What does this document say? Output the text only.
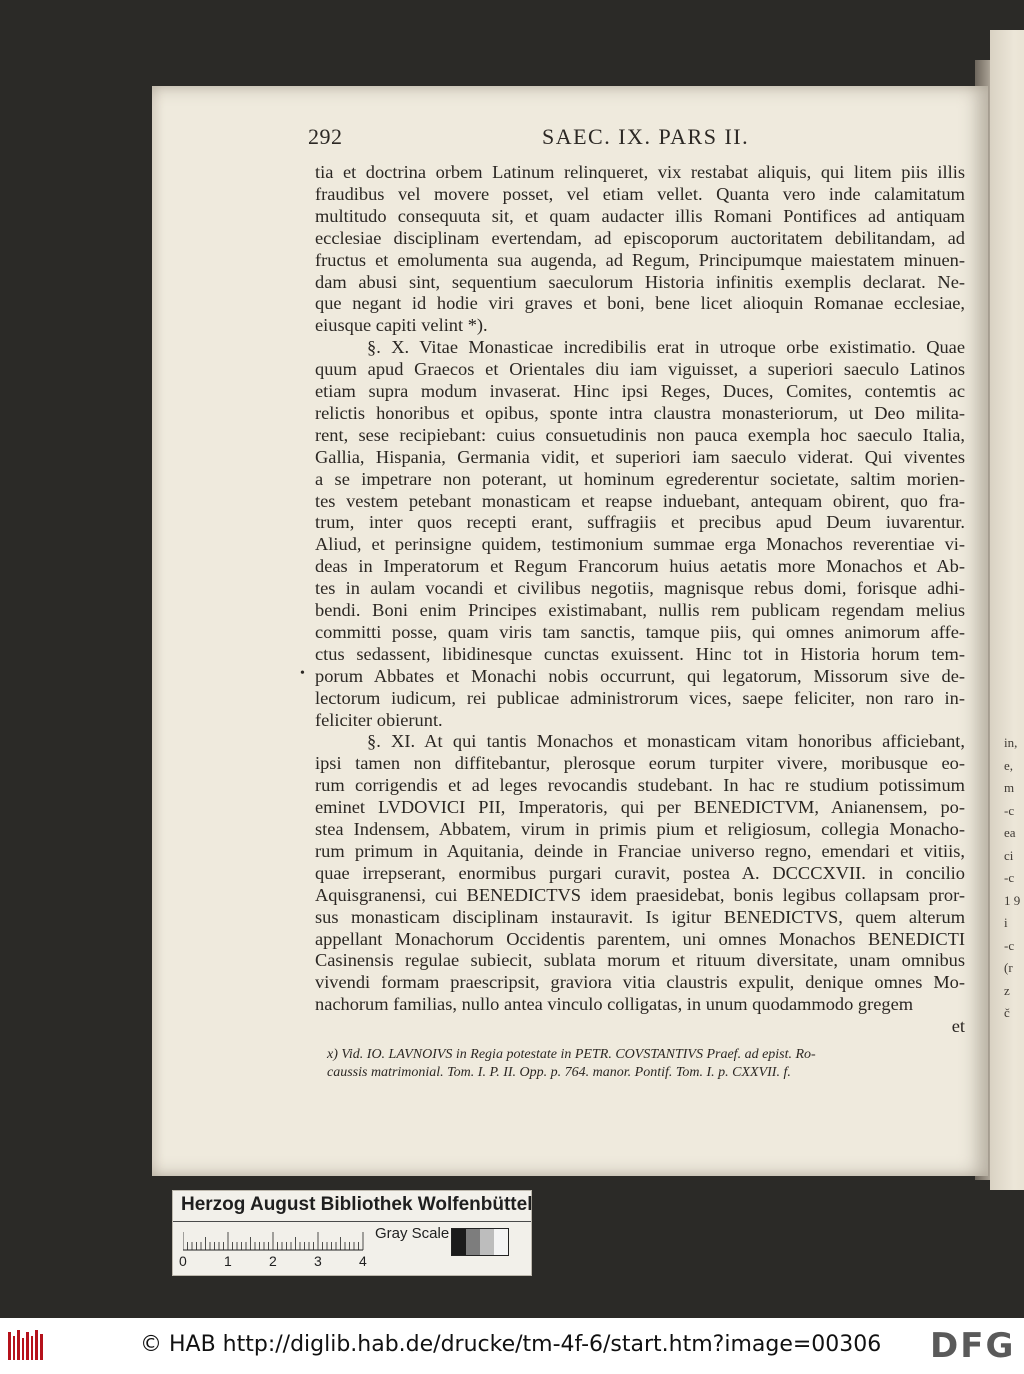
292	SAEC. IX. PARS II.
tia et doctrina orbem Latinum relinqueret, vix restabat aliquis, qui litem piis illis
fraudibus vel movere posset, vel etiam vellet. Quanta vero inde calamitatum
multitudo consequuta sit, et quam audacter illis Romani Pontifices ad antiquam
ecclesiae disciplinam evertendam, ad episcoporum auctoritatem debilitandam, ad
fructus et emolumenta sua augenda, ad Regum, Principumque maiestatem minuen-
dam abusi sint, sequentium saeculorum Historia infinitis exemplis declarat. Ne-
que negant id hodie viri graves et boni, bene licet alioquin Romanae ecclesiae,
eiusque capiti velint *).
§. X. Vitae Monasticae incredibilis erat in utroque orbe existimatio. Quae
quum apud Graecos et Orientales diu iam viguisset, a superiori saeculo Latinos
etiam supra modum invaserat. Hinc ipsi Reges, Duces, Comites, contemtis ac
relictis honoribus et opibus, sponte intra claustra monasteriorum, ut Deo milita-
rent, sese recipiebant: cuius consuetudinis non pauca exempla hoc saeculo Italia,
Gallia, Hispania, Germania vidit, et superiori iam saeculo viderat. Qui viventes
a se impetrare non poterant, ut hominum egrederentur societate, saltim morien-
tes vestem petebant monasticam et reapse induebant, antequam obirent, quo fra-
trum, inter quos recepti erant, suffragiis et precibus apud Deum iuvarentur.
Aliud, et perinsigne quidem, testimonium summae erga Monachos reverentiae vi-
deas in Imperatorum et Regum Francorum huius aetatis more Monachos et Ab-
tes in aulam vocandi et civilibus negotiis, magnisque rebus domi, forisque adhi-
bendi. Boni enim Principes existimabant, nullis rem publicam regendam melius
committi posse, quam viris tam sanctis, tamque piis, qui omnes animorum affe-
ctus sedassent, libidinesque cunctas exuissent. Hinc tot in Historia horum tem-
porum Abbates et Monachi nobis occurrunt, qui legatorum, Missorum sive de-
lectorum iudicum, rei publicae administrorum vices, saepe feliciter, non raro in-
feliciter obierunt.
§. XI. At qui tantis Monachos et monasticam vitam honoribus afficiebant,
ipsi tamen non diffitebantur, plerosque eorum turpiter vivere, moribusque eo-
rum corrigendis et ad leges revocandis studebant. In hac re studium potissimum
eminet LVDOVICI PII, Imperatoris, qui per BENEDICTVM, Anianensem, po-
stea Indensem, Abbatem, virum in primis pium et religiosum, collegia Monacho-
rum primum in Aquitania, deinde in Franciae universo regno, emendari et vitiis,
quae irrepserant, enormibus purgari curavit, postea A. DCCCXVII. in concilio
Aquisgranensi, cui BENEDICTVS idem praesidebat, bonis legibus collapsam pror-
sus monasticam disciplinam instauravit. Is igitur BENEDICTVS, quem alterum
appellant Monachorum Occidentis parentem, uni omnes Monachos BENEDICTI
Casinensis regulae subiecit, sublata morum et rituum diversitate, unam omnibus
vivendi formam praescripsit, graviora vitia claustris expulit, denique omnes Mo-
nachorum familias, nullo antea vinculo colligatas, in unum quodammodo gregem
et
•
x) Vid. IO. LAVNOIVS in Regia potestate in PETR. COVSTANTIVS Praef. ad epist. Ro-
caussis matrimonial. Tom. I. P. II. Opp. p. 764. manor. Pontif. Tom. I. p. CXXVII. f.
in,
e,
m
-c
ea
ci
-c
1 9
i
-c
(r
z
č
Herzog August Bibliothek Wolfenbüttel
0	1	2	3	4
Gray Scale
© HAB http://diglib.hab.de/drucke/tm-4f-6/start.htm?image=00306 DFG
